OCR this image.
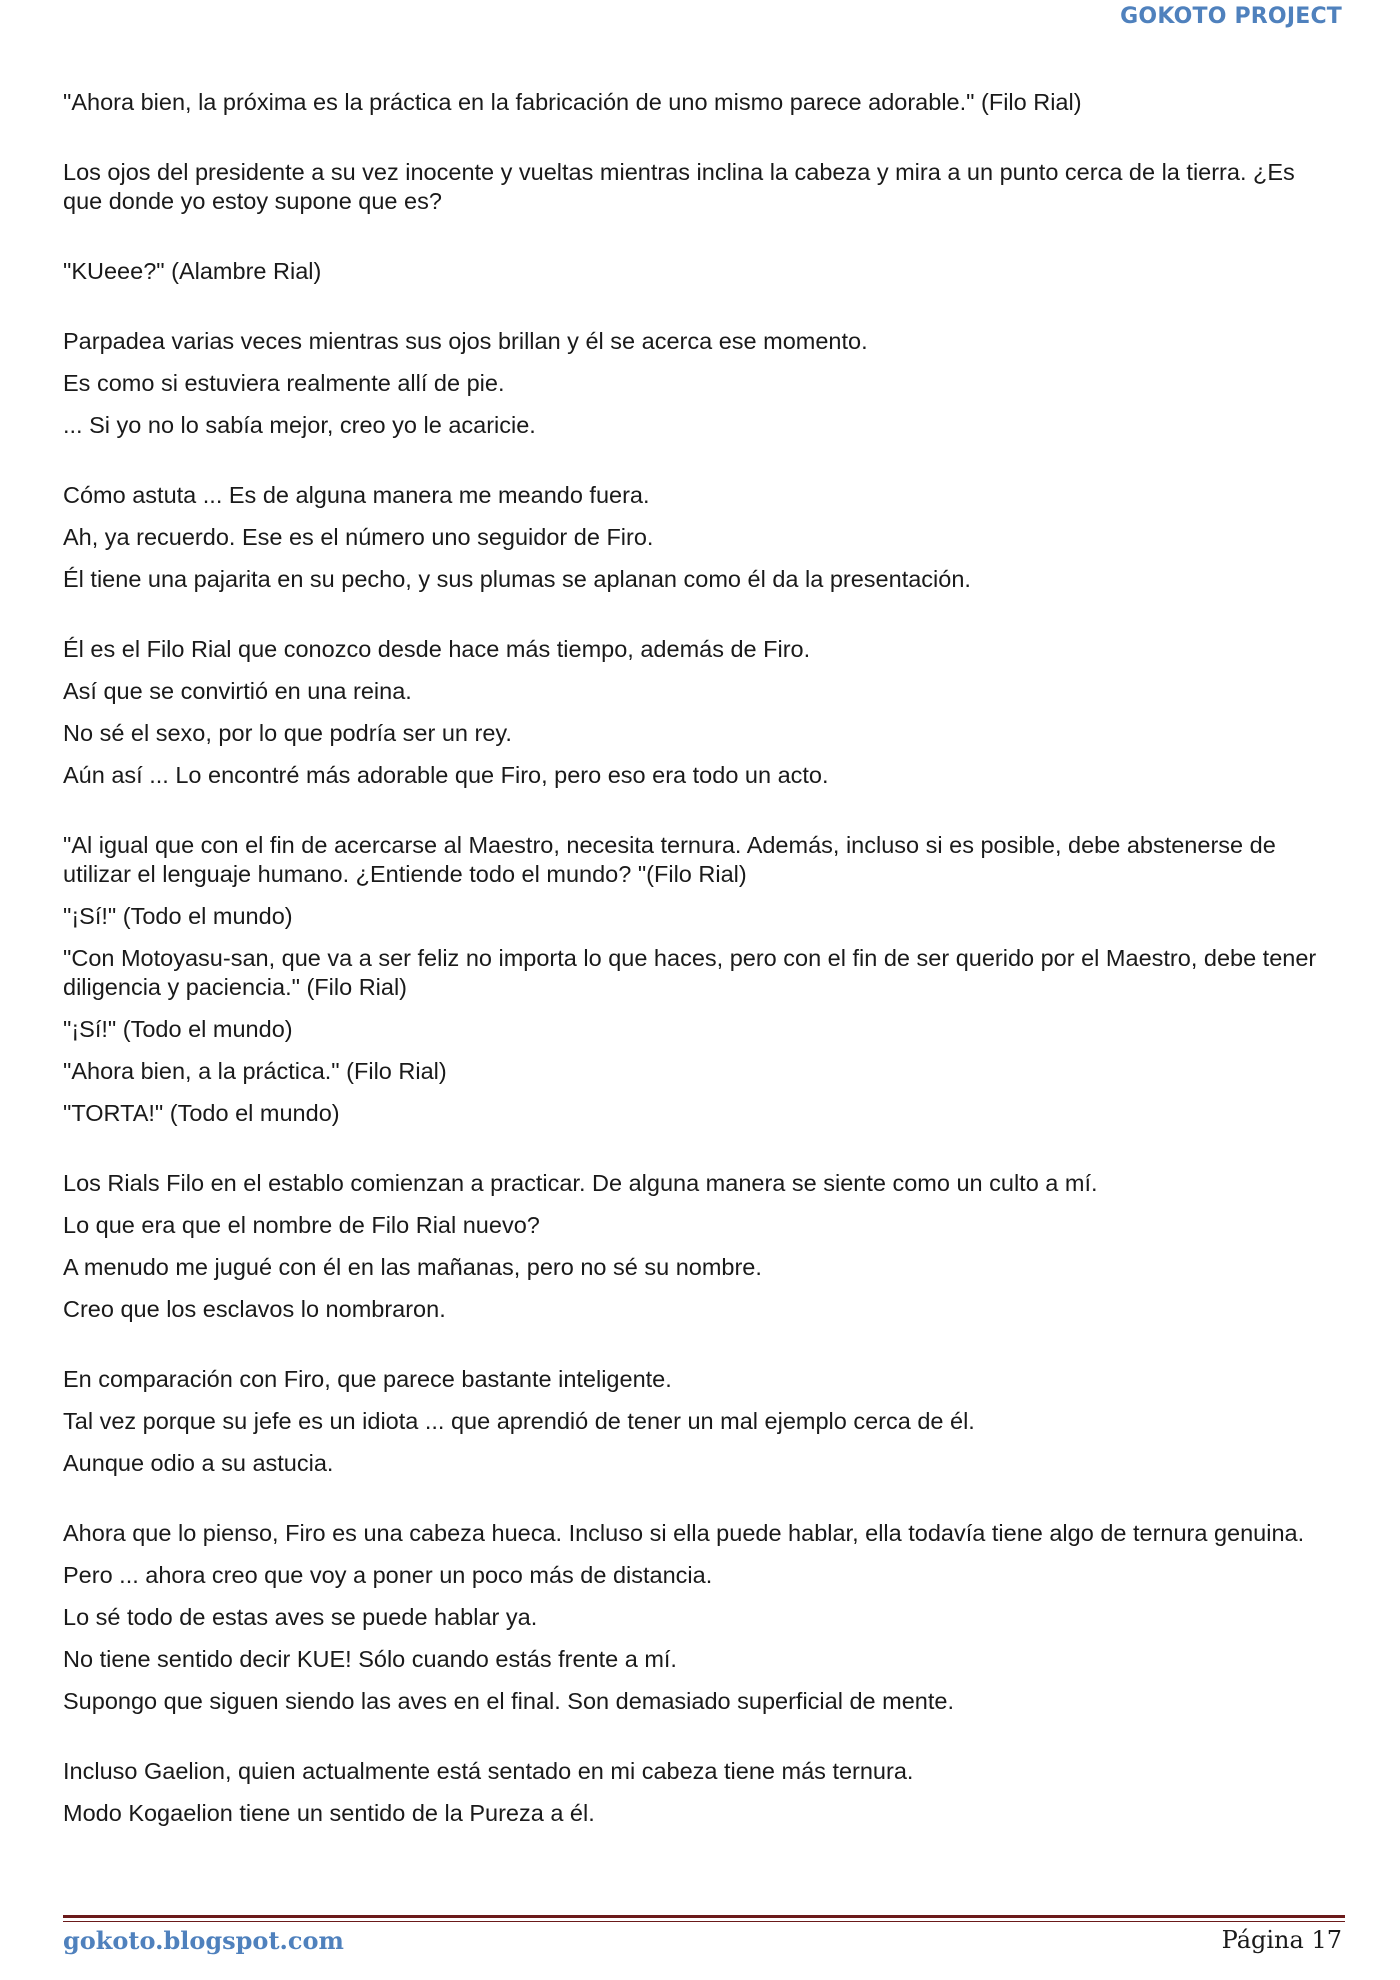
GOKOTO PROJECT
"Ahora bien, la próxima es la práctica en la fabricación de uno mismo parece adorable." (Filo Rial)
Los ojos del presidente a su vez inocente y vueltas mientras inclina la cabeza y mira a un punto cerca de la tierra. ¿Es que donde yo estoy supone que es?
"KUeee?" (Alambre Rial)
Parpadea varias veces mientras sus ojos brillan y él se acerca ese momento.
Es como si estuviera realmente allí de pie.
... Si yo no lo sabía mejor, creo yo le acaricie.
Cómo astuta ... Es de alguna manera me meando fuera.
Ah, ya recuerdo. Ese es el número uno seguidor de Firo.
Él tiene una pajarita en su pecho, y sus plumas se aplanan como él da la presentación.
Él es el Filo Rial que conozco desde hace más tiempo, además de Firo.
Así que se convirtió en una reina.
No sé el sexo, por lo que podría ser un rey.
Aún así ... Lo encontré más adorable que Firo, pero eso era todo un acto.
"Al igual que con el fin de acercarse al Maestro, necesita ternura. Además, incluso si es posible, debe abstenerse de utilizar el lenguaje humano. ¿Entiende todo el mundo? "(Filo Rial)
"¡Sí!" (Todo el mundo)
"Con Motoyasu-san, que va a ser feliz no importa lo que haces, pero con el fin de ser querido por el Maestro, debe tener diligencia y paciencia." (Filo Rial)
"¡Sí!" (Todo el mundo)
"Ahora bien, a la práctica." (Filo Rial)
"TORTA!" (Todo el mundo)
Los Rials Filo en el establo comienzan a practicar. De alguna manera se siente como un culto a mí.
Lo que era que el nombre de Filo Rial nuevo?
A menudo me jugué con él en las mañanas, pero no sé su nombre.
Creo que los esclavos lo nombraron.
En comparación con Firo, que parece bastante inteligente.
Tal vez porque su jefe es un idiota ... que aprendió de tener un mal ejemplo cerca de él.
Aunque odio a su astucia.
Ahora que lo pienso, Firo es una cabeza hueca. Incluso si ella puede hablar, ella todavía tiene algo de ternura genuina.
Pero ... ahora creo que voy a poner un poco más de distancia.
Lo sé todo de estas aves se puede hablar ya.
No tiene sentido decir KUE! Sólo cuando estás frente a mí.
Supongo que siguen siendo las aves en el final. Son demasiado superficial de mente.
Incluso Gaelion, quien actualmente está sentado en mi cabeza tiene más ternura.
Modo Kogaelion tiene un sentido de la Pureza a él.
gokoto.blogspot.com	Página 17
